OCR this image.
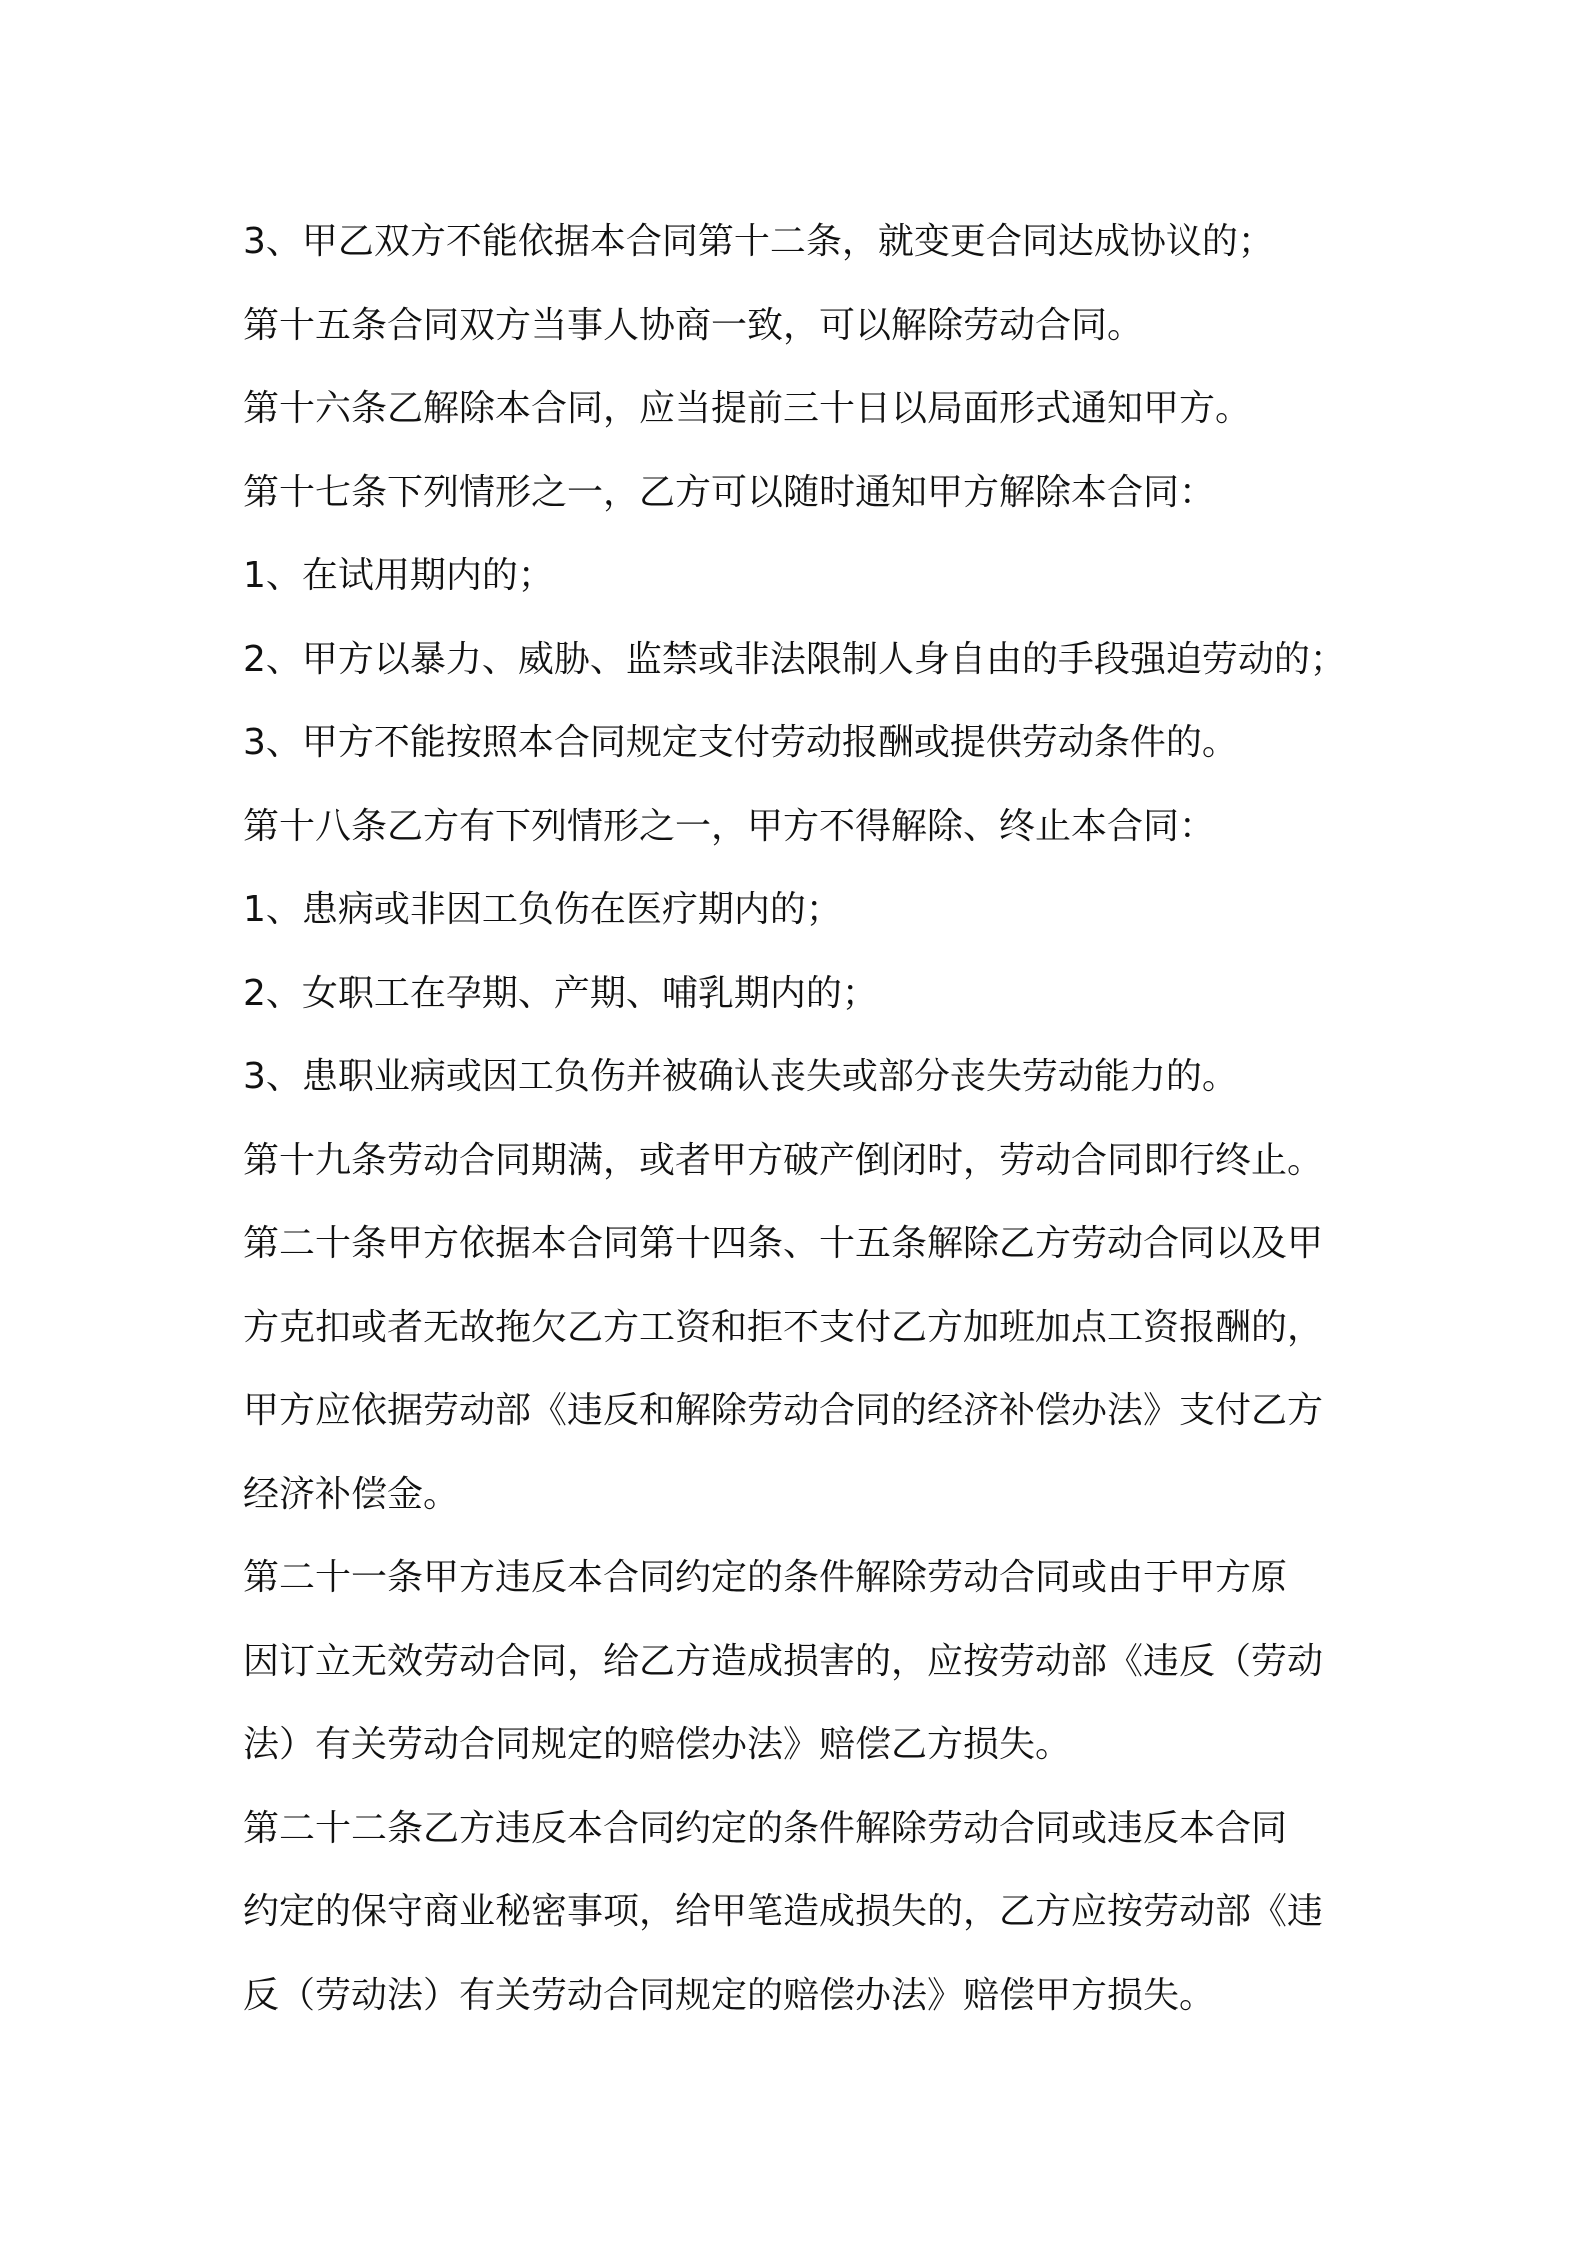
3、甲乙双方不能依据本合同第十二条，就变更合同达成协议的；
第十五条合同双方当事人协商一致，可以解除劳动合同。
第十六条乙解除本合同，应当提前三十日以局面形式通知甲方。
第十七条下列情形之一，乙方可以随时通知甲方解除本合同：
1、在试用期内的；
2、甲方以暴力、威胁、监禁或非法限制人身自由的手段强迫劳动的；
3、甲方不能按照本合同规定支付劳动报酬或提供劳动条件的。
第十八条乙方有下列情形之一，甲方不得解除、终止本合同：
1、患病或非因工负伤在医疗期内的；
2、女职工在孕期、产期、哺乳期内的；
3、患职业病或因工负伤并被确认丧失或部分丧失劳动能力的。
第十九条劳动合同期满，或者甲方破产倒闭时，劳动合同即行终止。
第二十条甲方依据本合同第十四条、十五条解除乙方劳动合同以及甲
方克扣或者无故拖欠乙方工资和拒不支付乙方加班加点工资报酬的，
甲方应依据劳动部《违反和解除劳动合同的经济补偿办法》支付乙方
经济补偿金。
第二十一条甲方违反本合同约定的条件解除劳动合同或由于甲方原
因订立无效劳动合同，给乙方造成损害的，应按劳动部《违反（劳动
法）有关劳动合同规定的赔偿办法》赔偿乙方损失。
第二十二条乙方违反本合同约定的条件解除劳动合同或违反本合同
约定的保守商业秘密事项，给甲笔造成损失的，乙方应按劳动部《违
反（劳动法）有关劳动合同规定的赔偿办法》赔偿甲方损失。
